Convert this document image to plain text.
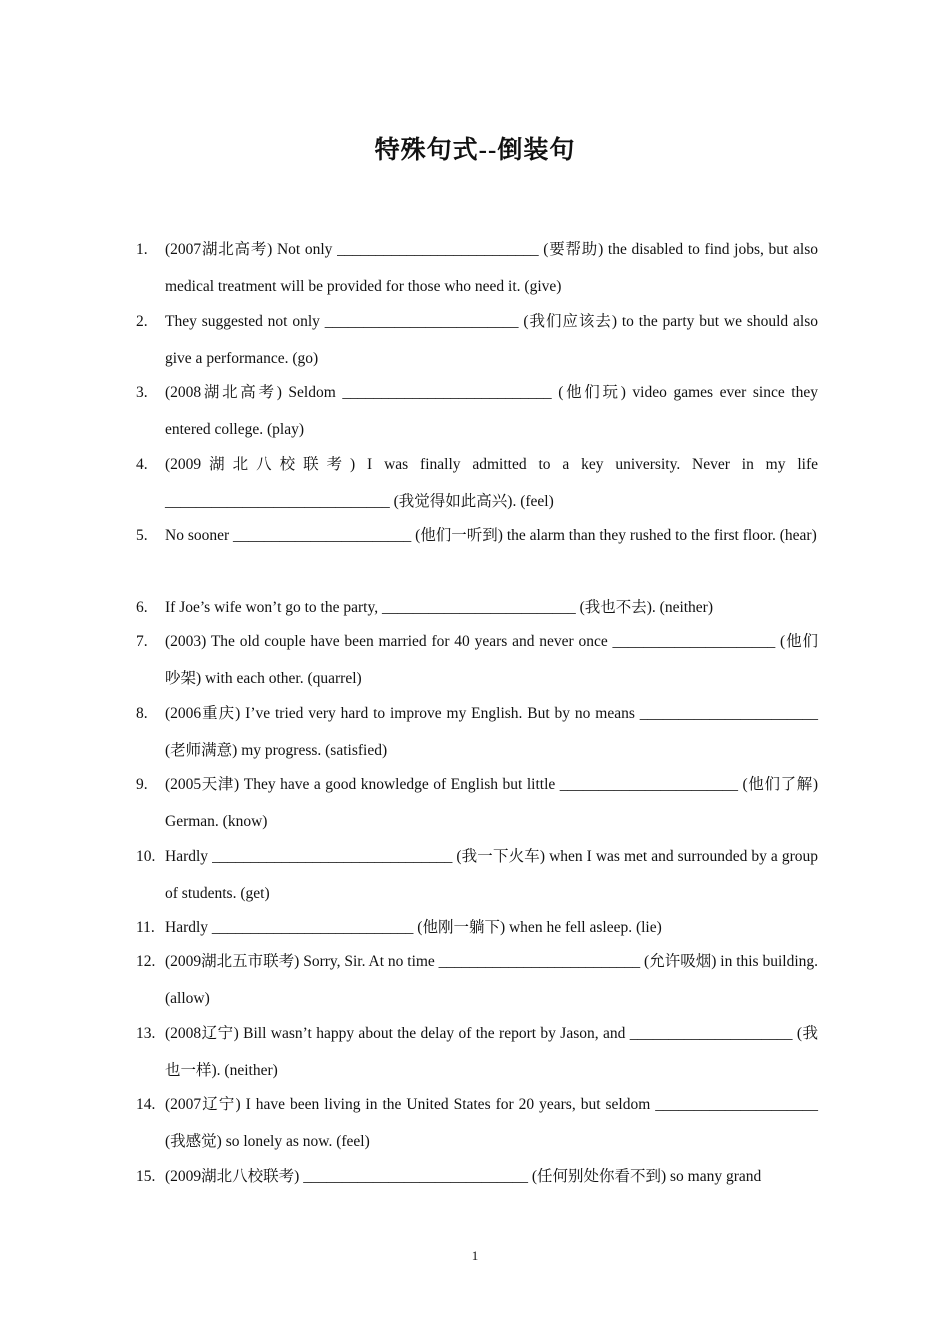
特殊句式--倒装句
1.	(2007湖北高考) Not only __________________________ (要帮助) the disabled to find jobs, but also medical treatment will be provided for those who need it. (give)
2.	They suggested not only _________________________ (我们应该去) to the party but we should also give a performance. (go)
3.	(2008湖北高考) Seldom ___________________________ (他们玩) video games ever since they entered college. (play)
4.	(2009湖北八校联考) I was finally admitted to a key university. Never in my life _____________________________ (我觉得如此高兴). (feel)
5.	No sooner _______________________ (他们一听到) the alarm than they rushed to the first floor. (hear)
6.	If Joe’s wife won’t go to the party, _________________________ (我也不去). (neither)
7.	(2003) The old couple have been married for 40 years and never once _____________________ (他们吵架) with each other. (quarrel)
8.	(2006重庆) I’ve tried very hard to improve my English. But by no means _______________________ (老师满意) my progress. (satisfied)
9.	(2005天津) They have a good knowledge of English but little _______________________ (他们了解) German. (know)
10. Hardly _______________________________ (我一下火车) when I was met and surrounded by a group of students. (get)
11. Hardly __________________________ (他刚一躺下) when he fell asleep. (lie)
12. (2009湖北五市联考) Sorry, Sir. At no time __________________________ (允许吸烟) in this building. (allow)
13. (2008辽宁) Bill wasn’t happy about the delay of the report by Jason, and _____________________ (我也一样). (neither)
14. (2007辽宁) I have been living in the United States for 20 years, but seldom _____________________ (我感觉) so lonely as now. (feel)
15. (2009湖北八校联考) _____________________________ (任何别处你看不到) so many grand
1
